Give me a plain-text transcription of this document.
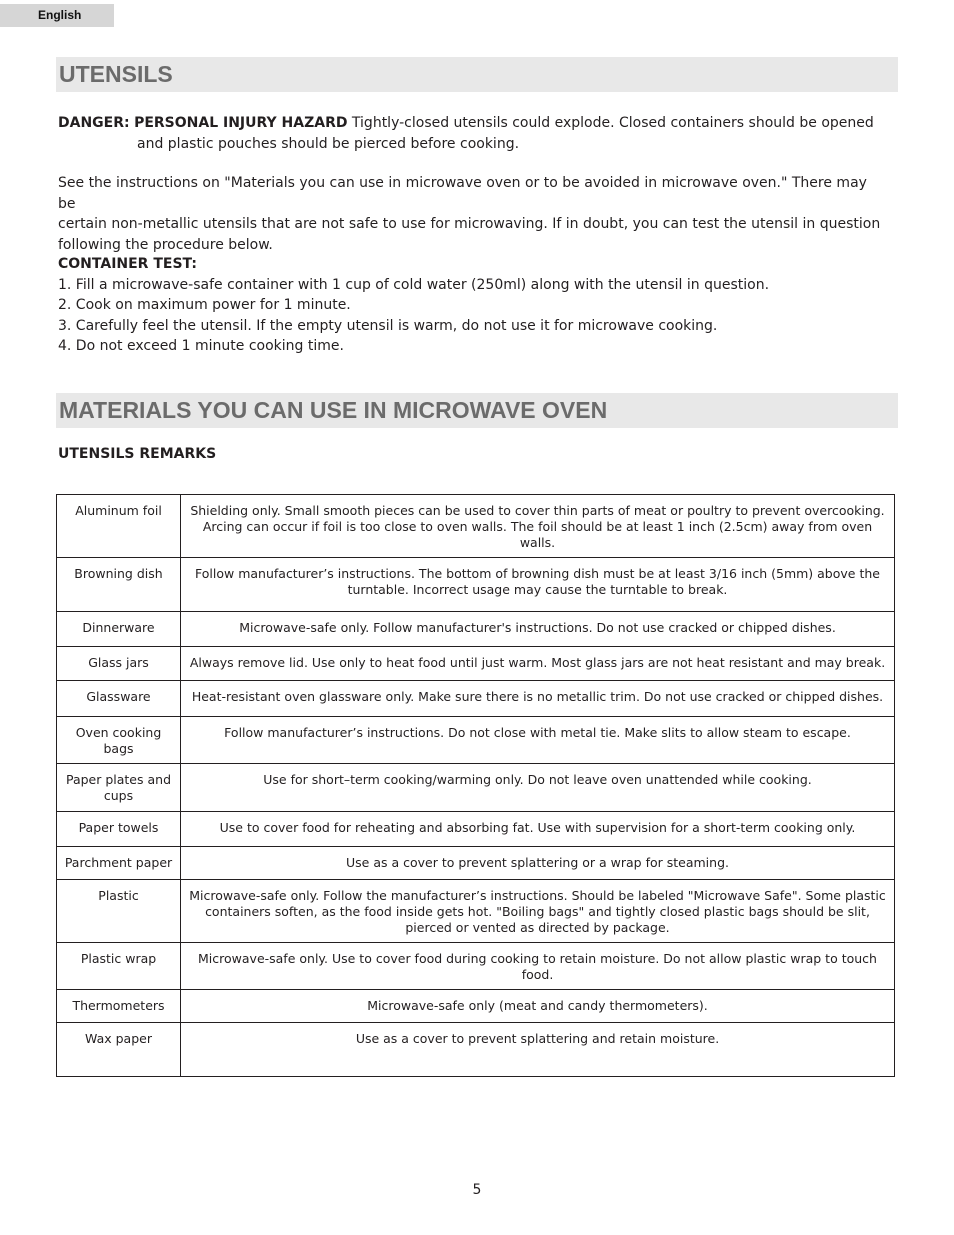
English
UTENSILS
DANGER: PERSONAL INJURY HAZARD Tightly-closed utensils could explode. Closed containers should be opened
and plastic pouches should be pierced before cooking.
See the instructions on "Materials you can use in microwave oven or to be avoided in microwave oven." There may be
certain non-metallic utensils that are not safe to use for microwaving. If in doubt, you can test the utensil in question
following the procedure below.
CONTAINER TEST:
1. Fill a microwave-safe container with 1 cup of cold water (250ml) along with the utensil in question.
2. Cook on maximum power for 1 minute.
3. Carefully feel the utensil. If the empty utensil is warm, do not use it for microwave cooking.
4. Do not exceed 1 minute cooking time.
MATERIALS YOU CAN USE IN MICROWAVE OVEN
UTENSILS REMARKS
Aluminum foil	Shielding only. Small smooth pieces can be used to cover thin parts of meat or poultry to prevent overcooking. Arcing can occur if foil is too close to oven walls. The foil should be at least 1 inch (2.5cm) away from oven walls.
Browning dish	Follow manufacturer’s instructions. The bottom of browning dish must be at least 3/16 inch (5mm) above the turntable. Incorrect usage may cause the turntable to break.
Dinnerware	Microwave-safe only. Follow manufacturer's instructions. Do not use cracked or chipped dishes.
Glass jars	Always remove lid. Use only to heat food until just warm. Most glass jars are not heat resistant and may break.
Glassware	Heat-resistant oven glassware only. Make sure there is no metallic trim. Do not use cracked or chipped dishes.
Oven cooking bags	Follow manufacturer’s instructions. Do not close with metal tie. Make slits to allow steam to escape.
Paper plates and cups	Use for short–term cooking/warming only. Do not leave oven unattended while cooking.
Paper towels	Use to cover food for reheating and absorbing fat. Use with supervision for a short-term cooking only.
Parchment paper	Use as a cover to prevent splattering or a wrap for steaming.
Plastic	Microwave-safe only. Follow the manufacturer’s instructions. Should be labeled "Microwave Safe". Some plastic containers soften, as the food inside gets hot. "Boiling bags" and tightly closed plastic bags should be slit, pierced or vented as directed by package.
Plastic wrap	Microwave-safe only. Use to cover food during cooking to retain moisture. Do not allow plastic wrap to touch food.
Thermometers	Microwave-safe only (meat and candy thermometers).
Wax paper	Use as a cover to prevent splattering and retain moisture.
5
